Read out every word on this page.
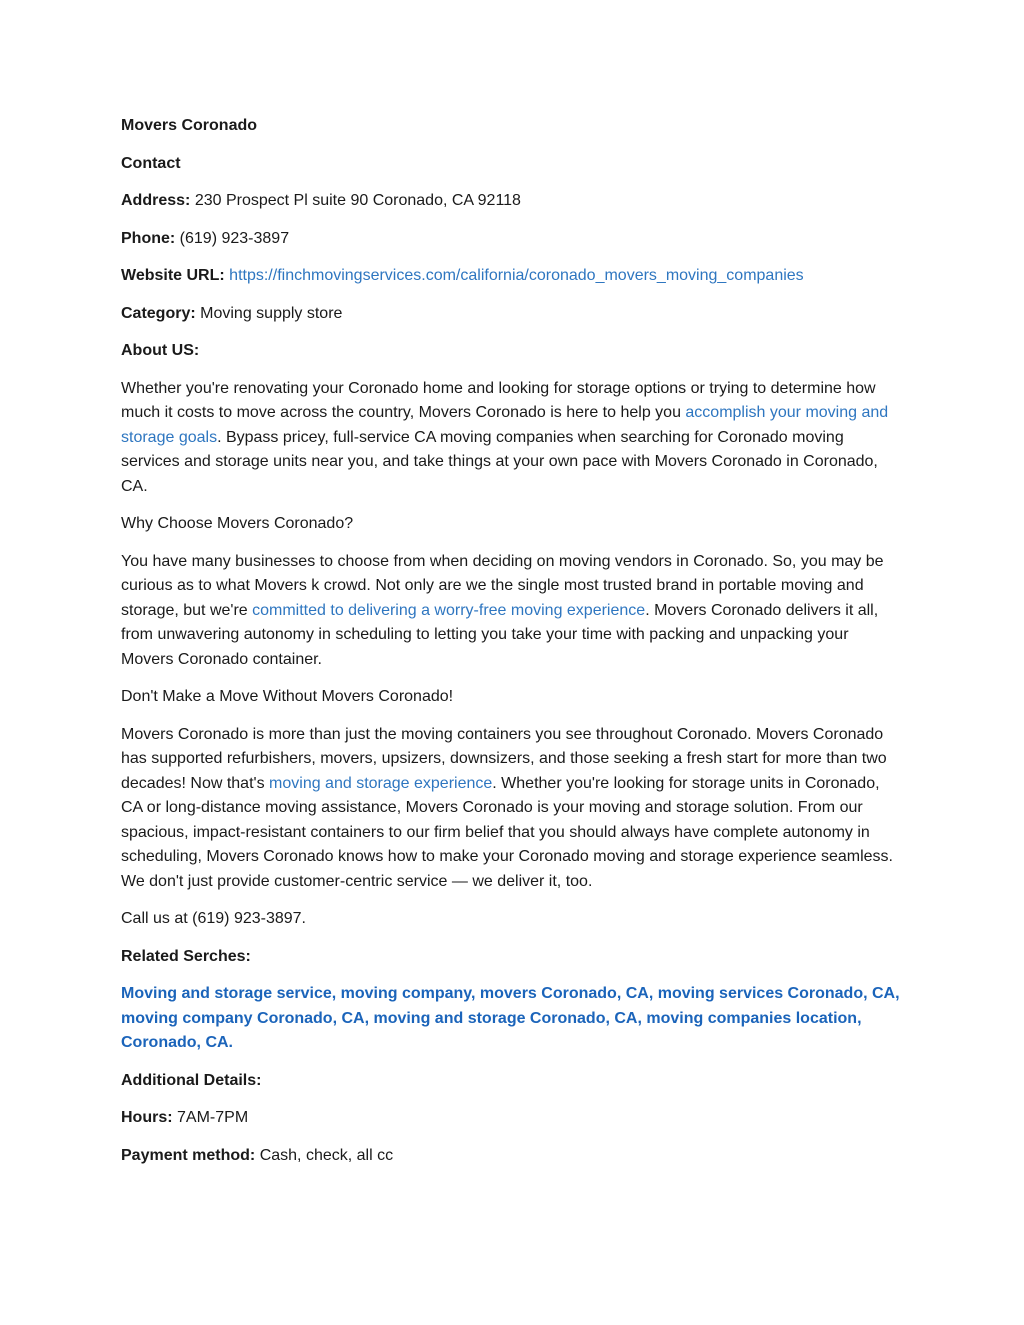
Movers Coronado

Contact

Address: 230 Prospect Pl suite 90 Coronado, CA 92118

Phone: (619) 923-3897

Website URL: https://finchmovingservices.com/california/coronado_movers_moving_companies

Category: Moving supply store

About US:

Whether you're renovating your Coronado home and looking for storage options or trying to determine how much it costs to move across the country, Movers Coronado is here to help you accomplish your moving and storage goals. Bypass pricey, full-service CA moving companies when searching for Coronado moving services and storage units near you, and take things at your own pace with Movers Coronado in Coronado, CA.

Why Choose Movers Coronado?

You have many businesses to choose from when deciding on moving vendors in Coronado. So, you may be curious as to what Movers k crowd. Not only are we the single most trusted brand in portable moving and storage, but we're committed to delivering a worry-free moving experience. Movers Coronado delivers it all, from unwavering autonomy in scheduling to letting you take your time with packing and unpacking your Movers Coronado container.

Don't Make a Move Without Movers Coronado!

Movers Coronado is more than just the moving containers you see throughout Coronado. Movers Coronado has supported refurbishers, movers, upsizers, downsizers, and those seeking a fresh start for more than two decades! Now that's moving and storage experience. Whether you're looking for storage units in Coronado, CA or long-distance moving assistance, Movers Coronado is your moving and storage solution. From our spacious, impact-resistant containers to our firm belief that you should always have complete autonomy in scheduling, Movers Coronado knows how to make your Coronado moving and storage experience seamless. We don't just provide customer-centric service — we deliver it, too.

Call us at (619) 923-3897.

Related Serches:

Moving and storage service, moving company, movers Coronado, CA, moving services Coronado, CA, moving company Coronado, CA, moving and storage Coronado, CA, moving companies location, Coronado, CA.

Additional Details:

Hours: 7AM-7PM

Payment method: Cash, check, all cc
